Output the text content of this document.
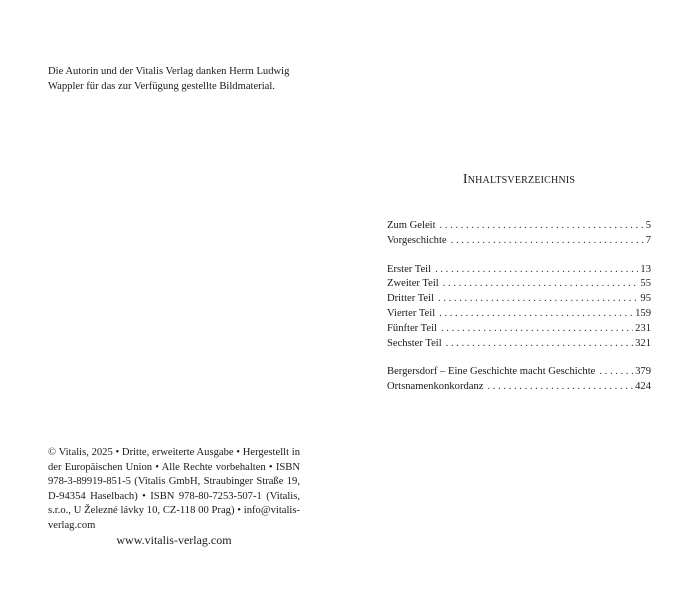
Die Autorin und der Vitalis Verlag danken Herrn Ludwig Wappler für das zur Verfügung gestellte Bildmaterial.

© Vitalis, 2025 • Dritte, erweiterte Ausgabe • Hergestellt in der Europäischen Union • Alle Rechte vorbehalten • ISBN 978-3-89919-851-5 (Vitalis GmbH, Straubinger Straße 19, D-94354 Haselbach) • ISBN 978-80-7253-507-1 (Vitalis, s.r.o., U Železné lávky 10, CZ-118 00 Prag) • info@vitalis-verlag.com

www.vitalis-verlag.com
Inhaltsverzeichnis
Zum Geleit . . .	5
Vorgeschichte . . .	7
Erster Teil . . .	13
Zweiter Teil . . .	55
Dritter Teil . . .	95
Vierter Teil . . .	159
Fünfter Teil . . .	231
Sechster Teil . . .	321
Bergersdorf – Eine Geschichte macht Geschichte . . .	379
Ortsnamenkonkordanz . . .	424
